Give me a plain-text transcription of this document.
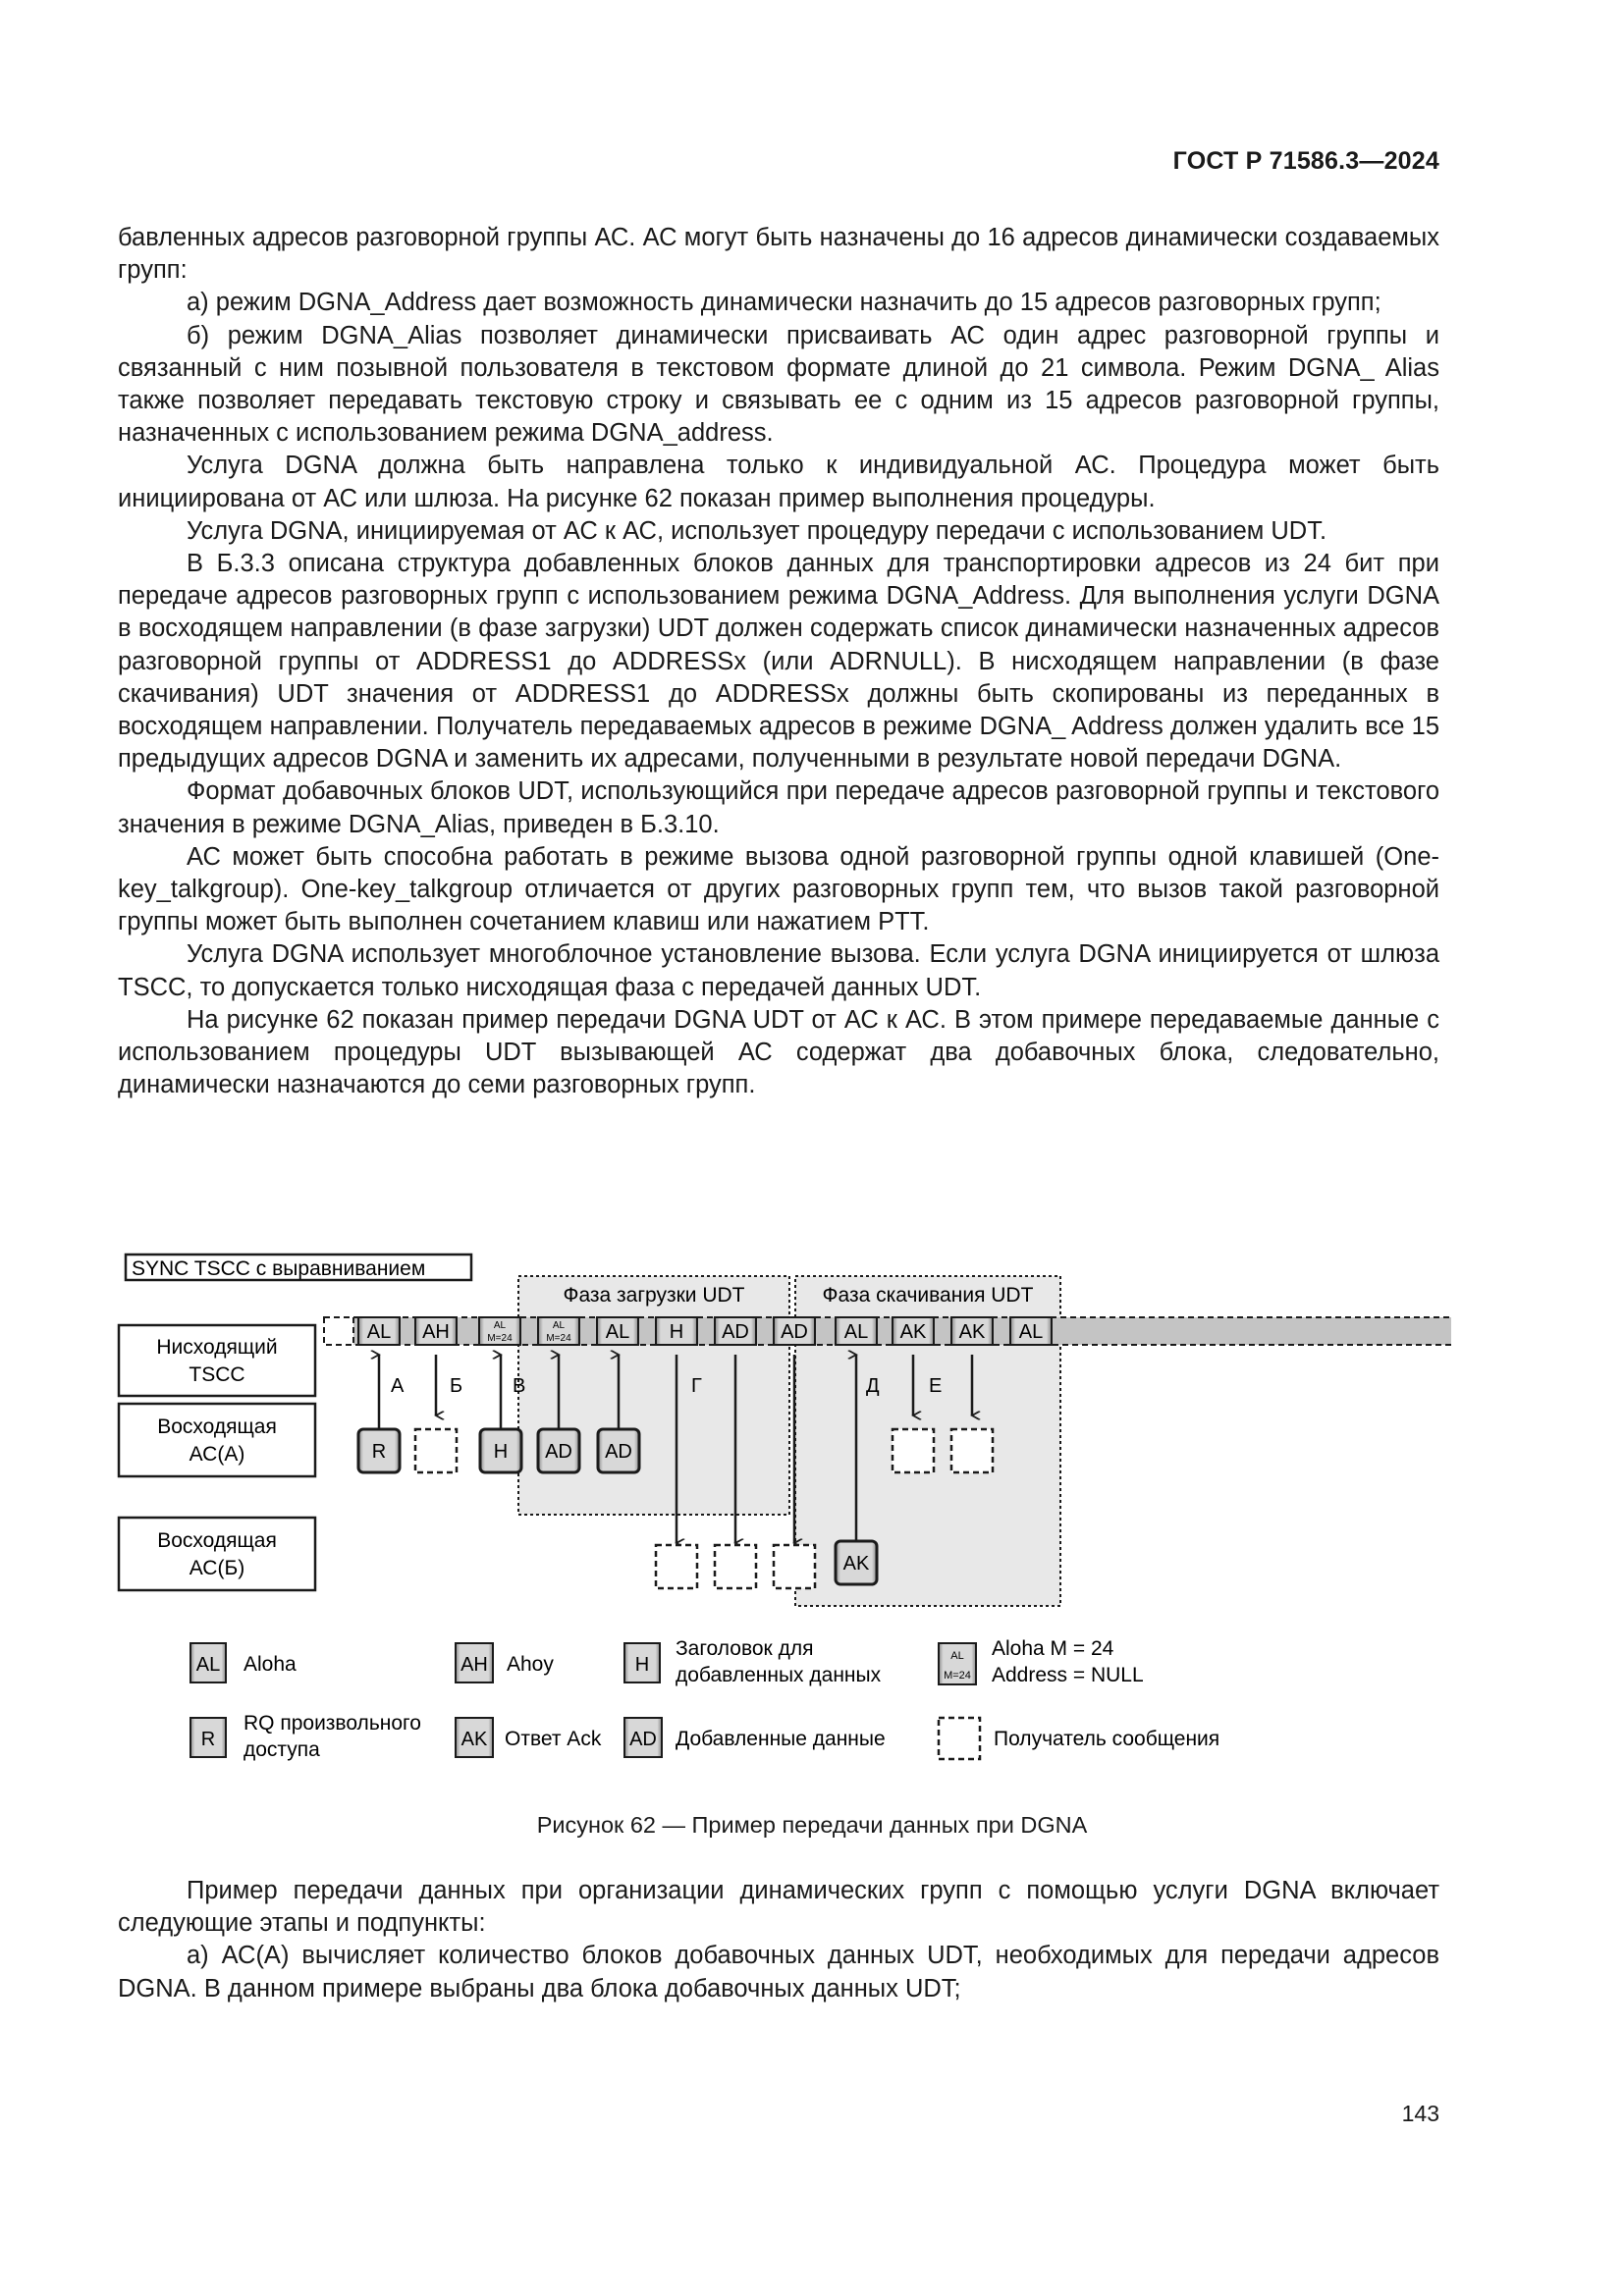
ГОСТ Р 71586.3—2024

бавленных адресов разговорной группы АС. АС могут быть назначены до 16 адресов динамически создаваемых групп:

а) режим DGNA_Address дает возможность динамически назначить до 15 адресов разговорных групп;

б) режим DGNA_Alias позволяет динамически присваивать АС один адрес разговорной группы и связанный с ним позывной пользователя в текстовом формате длиной до 21 символа. Режим DGNA_ Alias также позволяет передавать текстовую строку и связывать ее с одним из 15 адресов разговорной группы, назначенных с использованием режима DGNA_address.

Услуга DGNA должна быть направлена только к индивидуальной АС. Процедура может быть инициирована от АС или шлюза. На рисунке 62 показан пример выполнения процедуры.

Услуга DGNA, инициируемая от АС к АС, использует процедуру передачи с использованием UDT.

В Б.3.3 описана структура добавленных блоков данных для транспортировки адресов из 24 бит при передаче адресов разговорных групп с использованием режима DGNA_Address. Для выполнения услуги DGNA в восходящем направлении (в фазе загрузки) UDT должен содержать список динамически назначенных адресов разговорной группы от ADDRESS1 до ADDRESSx (или ADRNULL). В нисходящем направлении (в фазе скачивания) UDT значения от ADDRESS1 до ADDRESSx должны быть скопированы из переданных в восходящем направлении. Получатель передаваемых адресов в режиме DGNA_ Address должен удалить все 15 предыдущих адресов DGNA и заменить их адресами, полученными в результате новой передачи DGNA.

Формат добавочных блоков UDT, использующийся при передаче адресов разговорной группы и текстового значения в режиме DGNA_Alias, приведен в Б.3.10.

АС может быть способна работать в режиме вызова одной разговорной группы одной клавишей (One-key_talkgroup). One-key_talkgroup отличается от других разговорных групп тем, что вызов такой разговорной группы может быть выполнен сочетанием клавиш или нажатием PTT.

Услуга DGNA использует многоблочное установление вызова. Если услуга DGNA инициируется от шлюза TSCC, то допускается только нисходящая фаза с передачей данных UDT.

На рисунке 62 показан пример передачи DGNA UDT от АС к АС. В этом примере передаваемые данные с использованием процедуры UDT вызывающей АС содержат два добавочных блока, следовательно, динамически назначаются до семи разговорных групп.

SYNC TSCC с выравниванием
Фаза загрузки UDT	Фаза скачивания UDT
Нисходящий
TSCC
Восходящая
АС(А)
Восходящая
АС(Б)
AL AH	AL
M=24
AL
M=24 AL H AD AD AL AK AK AL
А
R
Б	В
H AD AD
Г	Д
AK
Е
AL Aloha	AH Ahoy	H
Заголовок для
добавленных данных
AL
M=24
Aloha M = 24
Address = NULL
R
RQ произвольного
доступа	AK Ответ Ack AD Добавленные данные	Получатель сообщения
Рисунок 62 — Пример передачи данных при DGNA

Пример передачи данных при организации динамических групп с помощью услуги DGNA включает следующие этапы и подпункты:

а) АС(А) вычисляет количество блоков добавочных данных UDT, необходимых для передачи адресов DGNA. В данном примере выбраны два блока добавочных данных UDT;

143
